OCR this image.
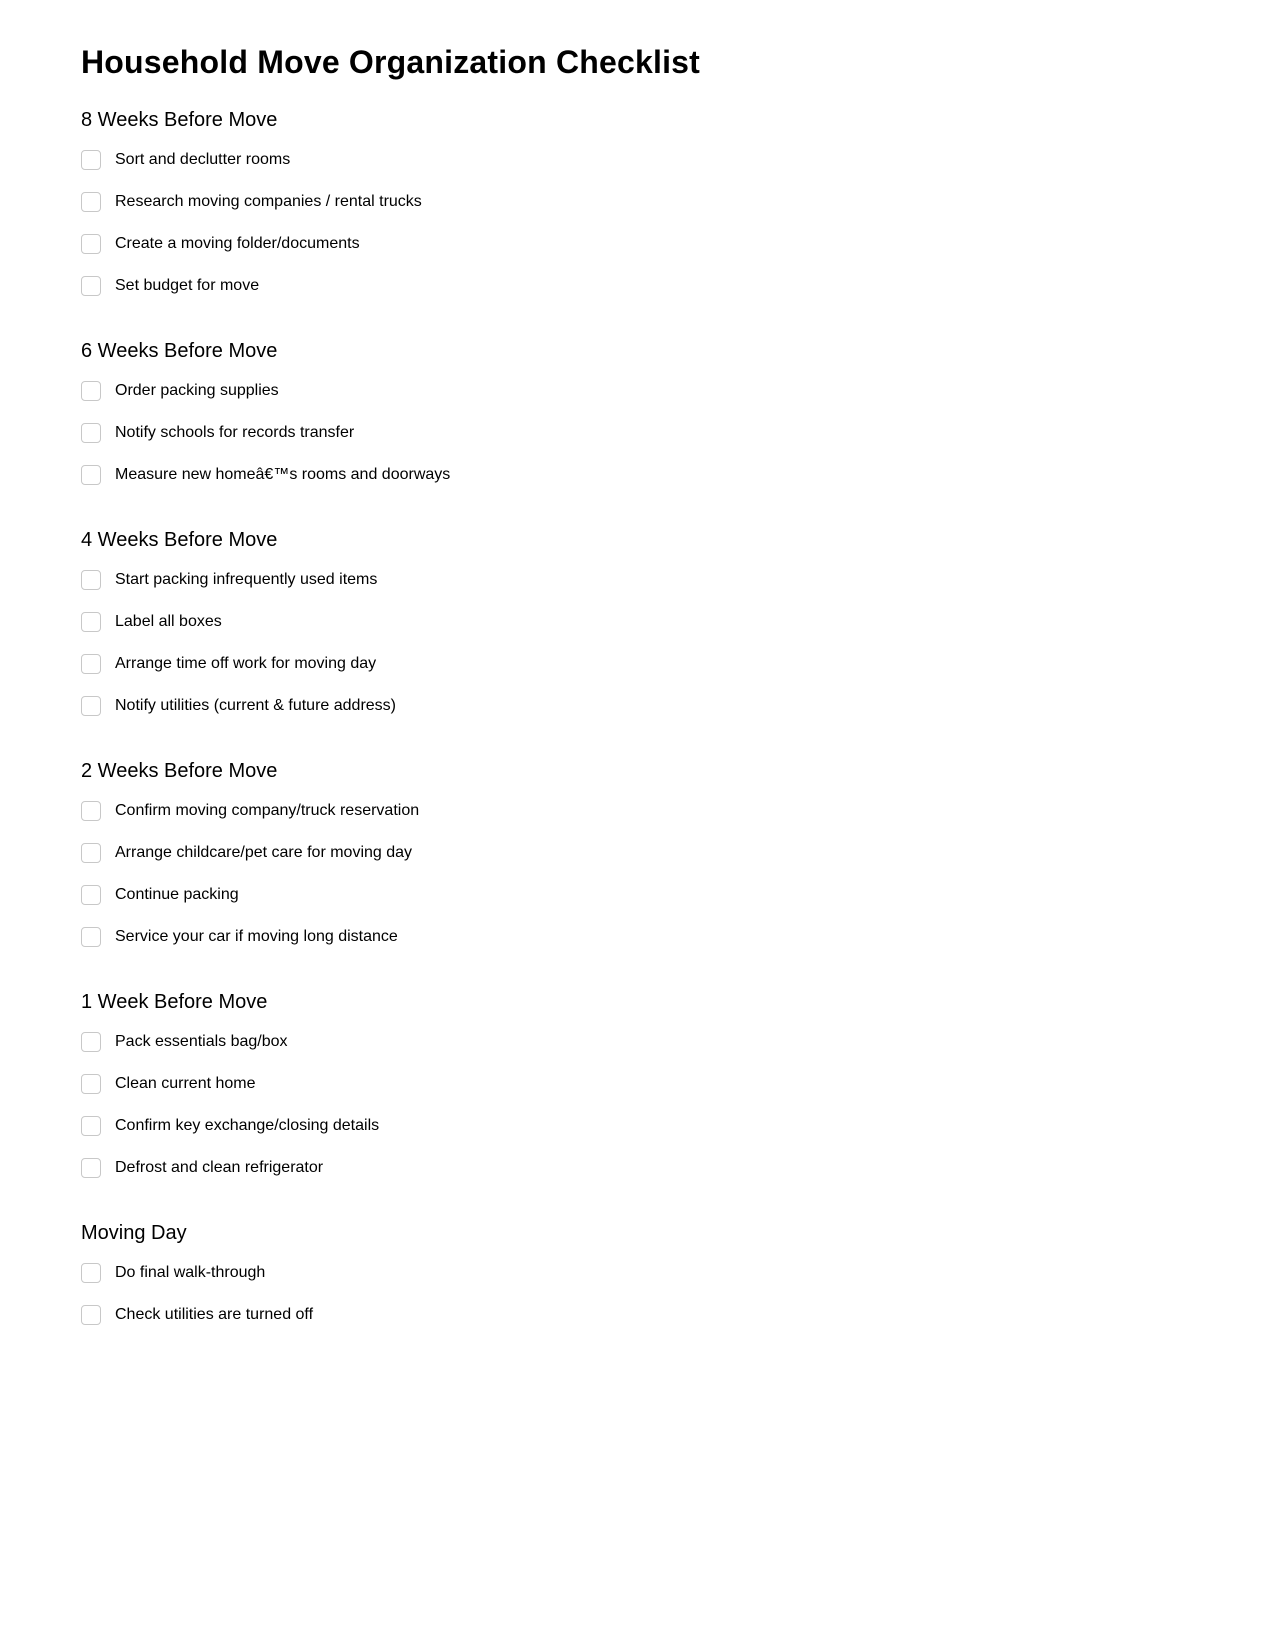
Household Move Organization Checklist
8 Weeks Before Move
Sort and declutter rooms
Research moving companies / rental trucks
Create a moving folder/documents
Set budget for move
6 Weeks Before Move
Order packing supplies
Notify schools for records transfer
Measure new homeâ€™s rooms and doorways
4 Weeks Before Move
Start packing infrequently used items
Label all boxes
Arrange time off work for moving day
Notify utilities (current & future address)
2 Weeks Before Move
Confirm moving company/truck reservation
Arrange childcare/pet care for moving day
Continue packing
Service your car if moving long distance
1 Week Before Move
Pack essentials bag/box
Clean current home
Confirm key exchange/closing details
Defrost and clean refrigerator
Moving Day
Do final walk-through
Check utilities are turned off
